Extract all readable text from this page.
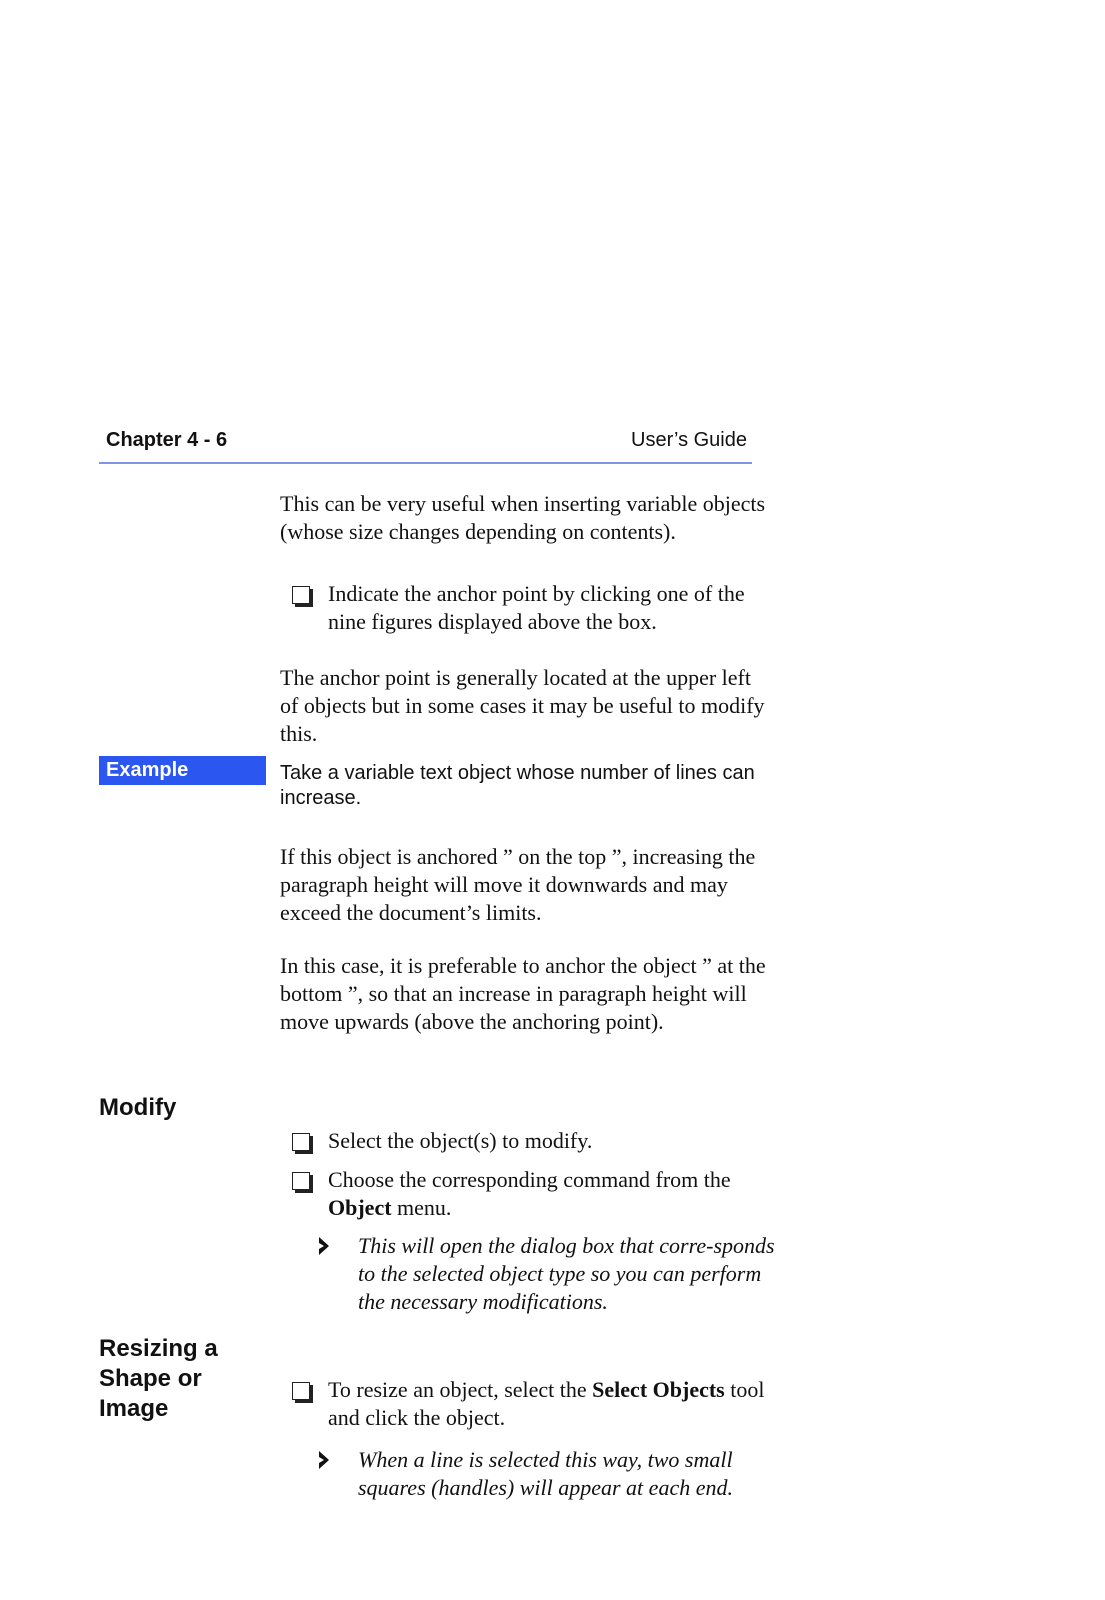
Chapter 4 - 6	User’s Guide
This can be very useful when inserting variable objects (whose size changes depending on contents).
Indicate the anchor point by clicking one of the nine figures displayed above the box.
The anchor point is generally located at the upper left of objects but in some cases it may be useful to modify this.
Example	Take a variable text object whose number of lines can increase.
If this object is anchored ” on the top ”, increasing the paragraph height will move it downwards and may exceed the document’s limits.
In this case, it is preferable to anchor the object ” at the bottom ”, so that an increase in paragraph height will move upwards (above the anchoring point).
Modify
Select the object(s) to modify.
Choose the corresponding command from the Object menu.
This will open the dialog box that corre-sponds to the selected object type so you can perform the necessary modifications.
Resizing a
Shape or
Image
To resize an object, select the Select Objects tool and click the object.
When a line is selected this way, two small squares (handles) will appear at each end.
